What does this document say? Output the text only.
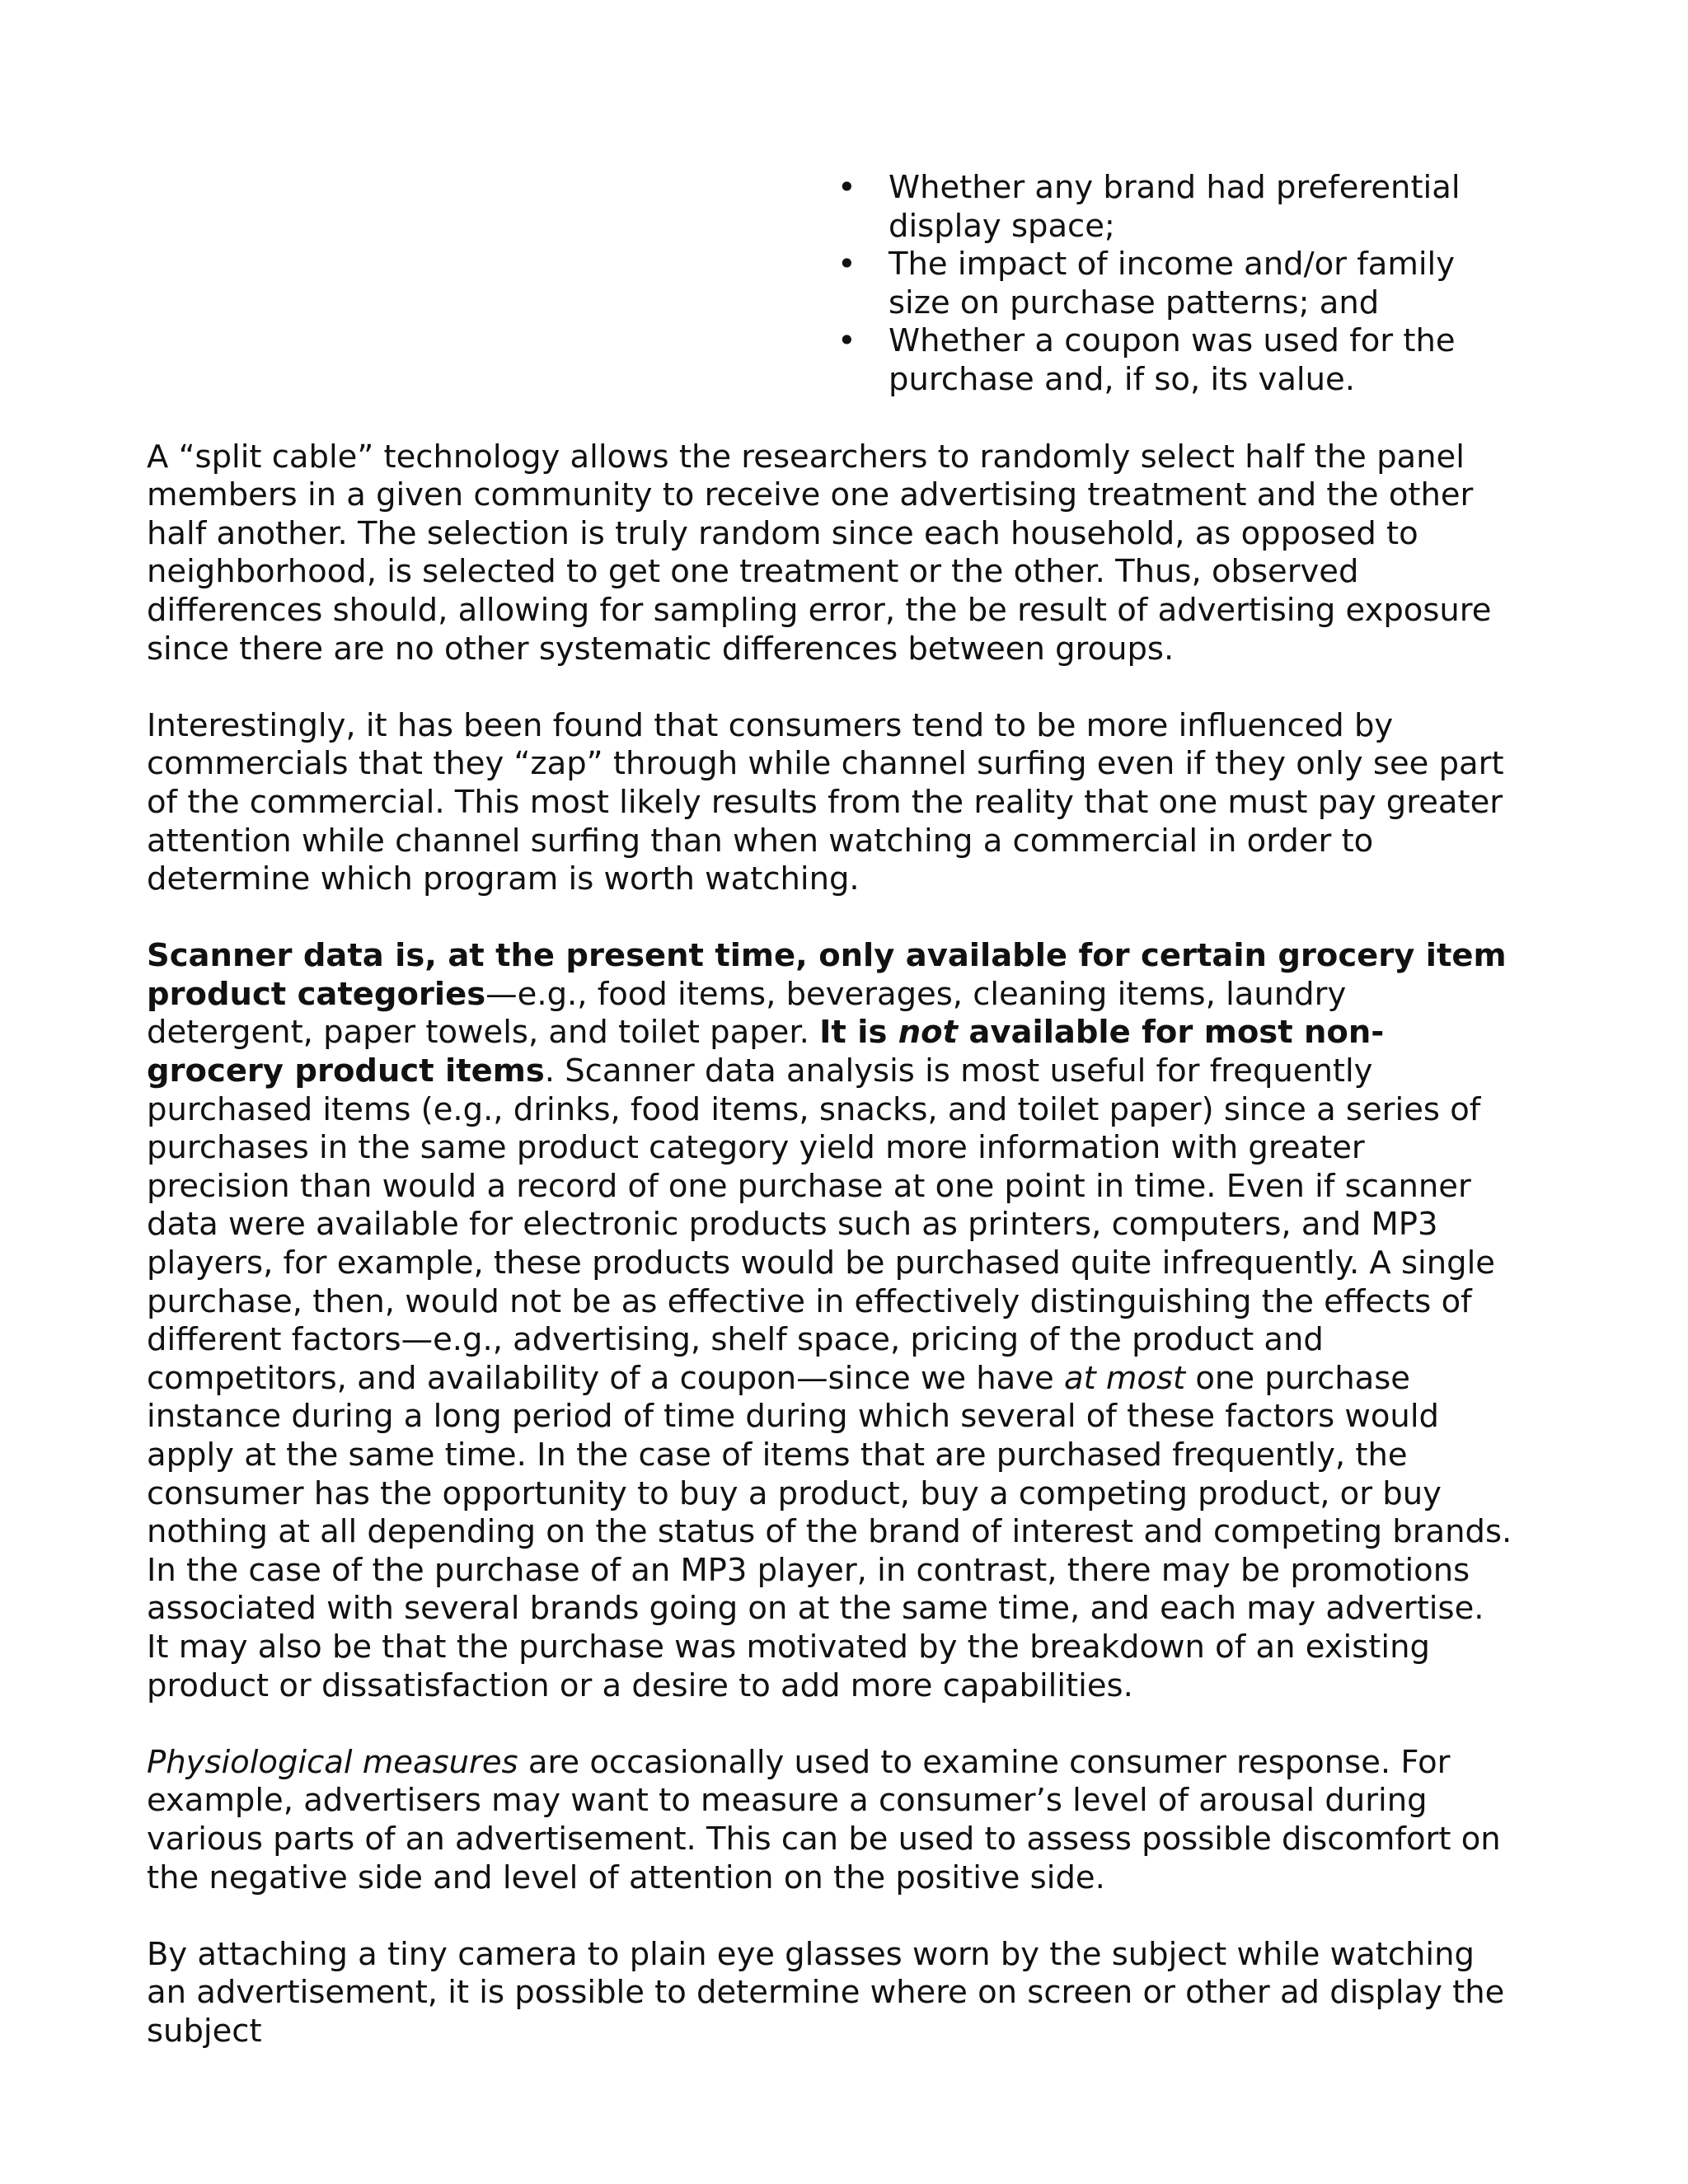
• Whether any brand had preferential display space;
• The impact of income and/or family size on purchase patterns; and
• Whether a coupon was used for the purchase and, if so, its value.

A “split cable” technology allows the researchers to randomly select half the panel members in a given community to receive one advertising treatment and the other half another. The selection is truly random since each household, as opposed to neighborhood, is selected to get one treatment or the other. Thus, observed differences should, allowing for sampling error, the be result of advertising exposure since there are no other systematic differences between groups.

Interestingly, it has been found that consumers tend to be more influenced by commercials that they “zap” through while channel surfing even if they only see part of the commercial. This most likely results from the reality that one must pay greater attention while channel surfing than when watching a commercial in order to determine which program is worth watching.

Scanner data is, at the present time, only available for certain grocery item product categories—e.g., food items, beverages, cleaning items, laundry detergent, paper towels, and toilet paper. It is not available for most non-grocery product items. Scanner data analysis is most useful for frequently purchased items (e.g., drinks, food items, snacks, and toilet paper) since a series of purchases in the same product category yield more information with greater precision than would a record of one purchase at one point in time. Even if scanner data were available for electronic products such as printers, computers, and MP3 players, for example, these products would be purchased quite infrequently. A single purchase, then, would not be as effective in effectively distinguishing the effects of different factors—e.g., advertising, shelf space, pricing of the product and competitors, and availability of a coupon—since we have at most one purchase instance during a long period of time during which several of these factors would apply at the same time. In the case of items that are purchased frequently, the consumer has the opportunity to buy a product, buy a competing product, or buy nothing at all depending on the status of the brand of interest and competing brands. In the case of the purchase of an MP3 player, in contrast, there may be promotions associated with several brands going on at the same time, and each may advertise. It may also be that the purchase was motivated by the breakdown of an existing product or dissatisfaction or a desire to add more capabilities.

Physiological measures are occasionally used to examine consumer response. For example, advertisers may want to measure a consumer’s level of arousal during various parts of an advertisement. This can be used to assess possible discomfort on the negative side and level of attention on the positive side.

By attaching a tiny camera to plain eye glasses worn by the subject while watching an advertisement, it is possible to determine where on screen or other ad display the subject
